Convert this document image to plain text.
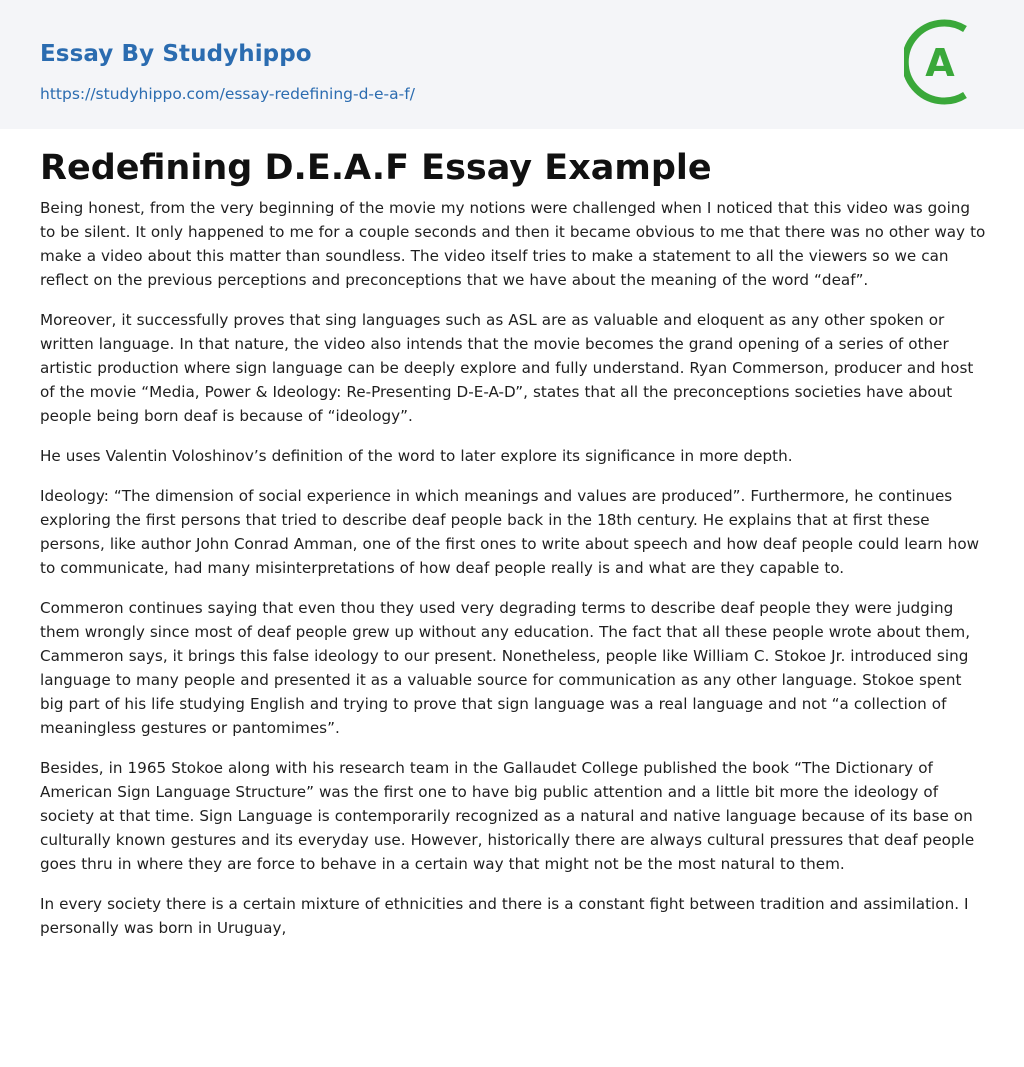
Essay By Studyhippo
https://studyhippo.com/essay-redefining-d-e-a-f/
A
Redefining D.E.A.F Essay Example

Being honest, from the very beginning of the movie my notions were challenged when I noticed that this video was going to be silent. It only happened to me for a couple seconds and then it became obvious to me that there was no other way to make a video about this matter than soundless. The video itself tries to make a statement to all the viewers so we can reflect on the previous perceptions and preconceptions that we have about the meaning of the word “deaf”.

Moreover, it successfully proves that sing languages such as ASL are as valuable and eloquent as any other spoken or written language. In that nature, the video also intends that the movie becomes the grand opening of a series of other artistic production where sign language can be deeply explore and fully understand. Ryan Commerson, producer and host of the movie “Media, Power & Ideology: Re-Presenting D-E-A-D”, states that all the preconceptions societies have about people being born deaf is because of “ideology”.

He uses Valentin Voloshinov’s definition of the word to later explore its significance in more depth.

Ideology: “The dimension of social experience in which meanings and values are produced”. Furthermore, he continues exploring the first persons that tried to describe deaf people back in the 18th century. He explains that at first these persons, like author John Conrad Amman, one of the first ones to write about speech and how deaf people could learn how to communicate, had many misinterpretations of how deaf people really is and what are they capable to.

Commeron continues saying that even thou they used very degrading terms to describe deaf people they were judging them wrongly since most of deaf people grew up without any education. The fact that all these people wrote about them, Cammeron says, it brings this false ideology to our present. Nonetheless, people like William C. Stokoe Jr. introduced sing language to many people and presented it as a valuable source for communication as any other language. Stokoe spent big part of his life studying English and trying to prove that sign language was a real language and not “a collection of meaningless gestures or pantomimes”.

Besides, in 1965 Stokoe along with his research team in the Gallaudet College published the book “The Dictionary of American Sign Language Structure” was the first one to have big public attention and a little bit more the ideology of society at that time. Sign Language is contemporarily recognized as a natural and native language because of its base on culturally known gestures and its everyday use. However, historically there are always cultural pressures that deaf people goes thru in where they are force to behave in a certain way that might not be the most natural to them.

In every society there is a certain mixture of ethnicities and there is a constant fight between tradition and assimilation. I personally was born in Uruguay,
